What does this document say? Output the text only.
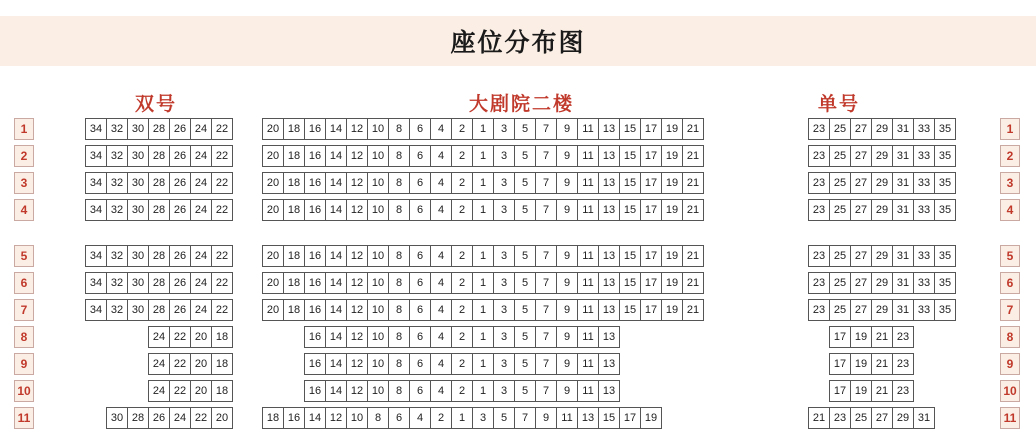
座位分布图
双号	大剧院二楼	单号
1	34 32 30 28 26 24 22	20 18 16 14 12 10 8 6 4 2 1 3 5 7 9 11 13 15 17 19 21	23 25 27 29 31 33 35	1
2	34 32 30 28 26 24 22	20 18 16 14 12 10 8 6 4 2 1 3 5 7 9 11 13 15 17 19 21	23 25 27 29 31 33 35	2
3	34 32 30 28 26 24 22	20 18 16 14 12 10 8 6 4 2 1 3 5 7 9 11 13 15 17 19 21	23 25 27 29 31 33 35	3
4	34 32 30 28 26 24 22	20 18 16 14 12 10 8 6 4 2 1 3 5 7 9 11 13 15 17 19 21	23 25 27 29 31 33 35	4
5	34 32 30 28 26 24 22	20 18 16 14 12 10 8 6 4 2 1 3 5 7 9 11 13 15 17 19 21	23 25 27 29 31 33 35	5
6	34 32 30 28 26 24 22	20 18 16 14 12 10 8 6 4 2 1 3 5 7 9 11 13 15 17 19 21	23 25 27 29 31 33 35	6
7	34 32 30 28 26 24 22	20 18 16 14 12 10 8 6 4 2 1 3 5 7 9 11 13 15 17 19 21	23 25 27 29 31 33 35	7
8	24 22 20 18	16 14 12 10 8 6 4 2 1 3 5 7 9 11 13	17 19 21 23	8
9	24 22 20 18	16 14 12 10 8 6 4 2 1 3 5 7 9 11 13	17 19 21 23	9
10	24 22 20 18	16 14 12 10 8 6 4 2 1 3 5 7 9 11 13	17 19 21 23	10
11	30 28 26 24 22 20	18 16 14 12 10 8 6 4 2 1 3 5 7 9 11 13 15 17 19	21 23 25 27 29 31	11
